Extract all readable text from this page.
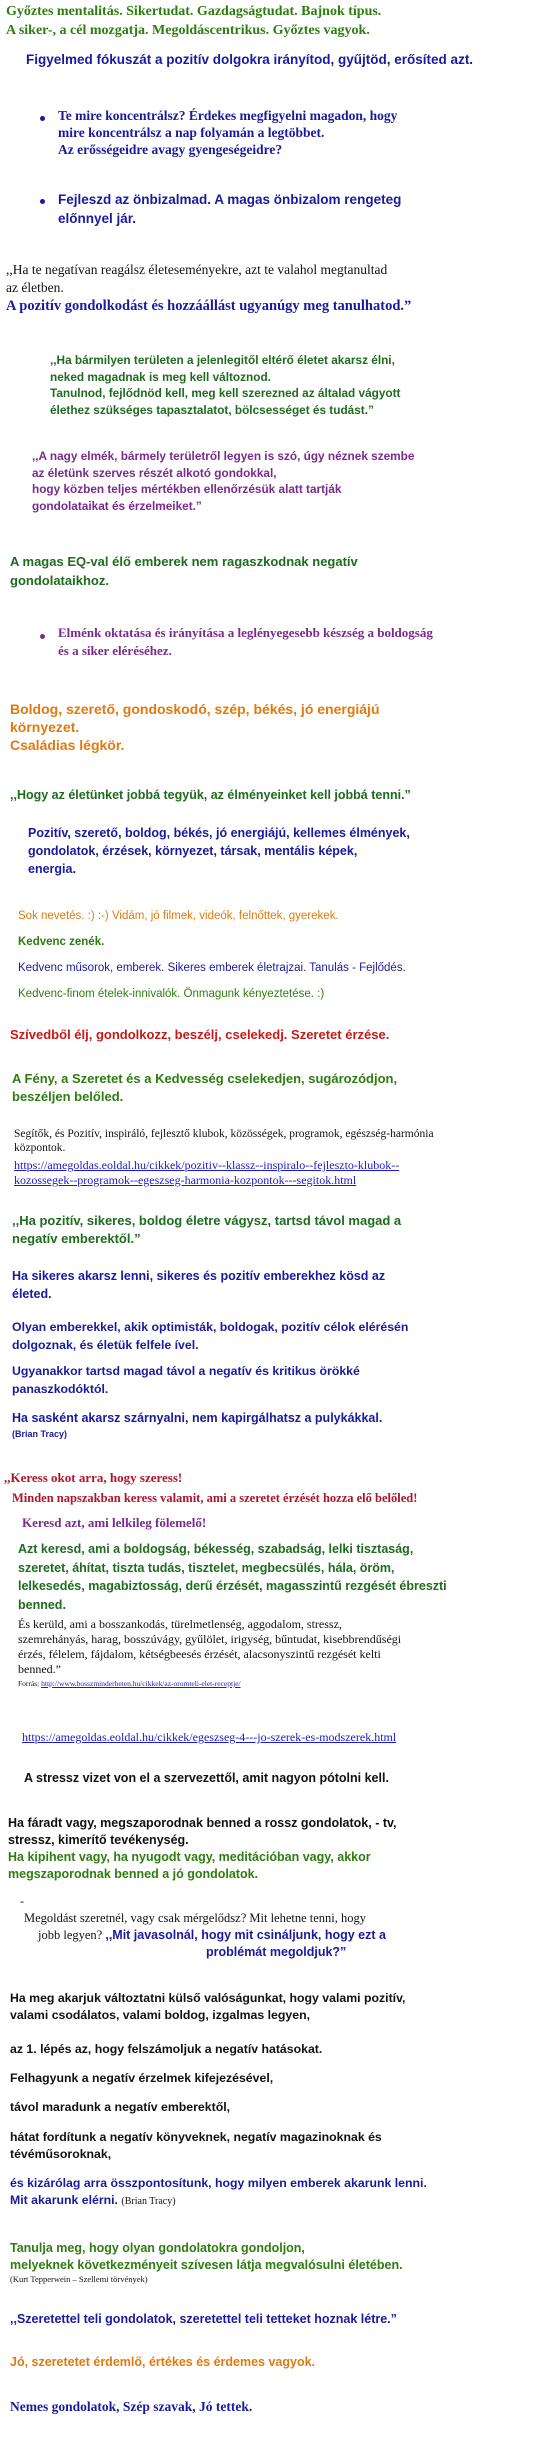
Győztes mentalitás. Sikertudat. Gazdagságtudat. Bajnok típus.
A siker-, a cél mozgatja. Megoldáscentrikus. Győztes vagyok.
Figyelmed fókuszát a pozitív dolgokra irányítod, gyűjtöd, erősíted azt.
Te mire koncentrálsz? Érdekes megfigyelni magadon, hogy
mire koncentrálsz a nap folyamán a legtöbbet.
Az erősségeidre avagy gyengeségeidre?
Fejleszd az önbizalmad. A magas önbizalom rengeteg
előnnyel jár.
,,Ha te negatívan reagálsz életeseményekre, azt te valahol megtanultad
az életben.
A pozitív gondolkodást és hozzáállást ugyanúgy meg tanulhatod.”
,,Ha bármilyen területen a jelenlegitől eltérő életet akarsz élni,
neked magadnak is meg kell változnod.
Tanulnod, fejlődnöd kell, meg kell szerezned az általad vágyott
élethez szükséges tapasztalatot, bölcsességet és tudást.”
,,A nagy elmék, bármely területről legyen is szó, úgy néznek szembe
az életünk szerves részét alkotó gondokkal,
hogy közben teljes mértékben ellenőrzésük alatt tartják
gondolataikat és érzelmeiket.”
A magas EQ-val élő emberek nem ragaszkodnak negatív
gondolataikhoz.
Elménk oktatása és irányítása a leglényegesebb készség a boldogság
és a siker eléréséhez.
Boldog, szerető, gondoskodó, szép, békés, jó energiájú
környezet.
Családias légkör.
,,Hogy az életünket jobbá tegyük, az élményeinket kell jobbá tenni.”
Pozitív, szerető, boldog, békés, jó energiájú, kellemes élmények,
gondolatok, érzések, környezet, társak, mentális képek,
energia.
Sok nevetés. :) :-) Vidám, jó filmek, videók, felnőttek, gyerekek.
Kedvenc zenék.
Kedvenc műsorok, emberek. Sikeres emberek életrajzai. Tanulás - Fejlődés.
Kedvenc-finom ételek-innivalók. Önmagunk kényeztetése. :)
Szívedből élj, gondolkozz, beszélj, cselekedj. Szeretet érzése.
A Fény, a Szeretet és a Kedvesség cselekedjen, sugározódjon,
beszéljen belőled.
Segítők, és Pozitív, inspiráló, fejlesztő klubok, közösségek, programok, egészség-harmónia
központok.
https://amegoldas.eoldal.hu/cikkek/pozitiv--klassz--inspiralo--fejleszto-klubok--
kozossegek--programok--egeszseg-harmonia-kozpontok---segitok.html
,,Ha pozitív, sikeres, boldog életre vágysz, tartsd távol magad a
negatív emberektől.”
Ha sikeres akarsz lenni, sikeres és pozitív emberekhez kösd az
életed.
Olyan emberekkel, akik optimisták, boldogak, pozitív célok elérésén
dolgoznak, és életük felfele ível.
Ugyanakkor tartsd magad távol a negatív és kritikus örökké
panaszkodóktól.
Ha sasként akarsz szárnyalni, nem kapirgálhatsz a pulykákkal.
(Brian Tracy)
,,Keress okot arra, hogy szeress!
Minden napszakban keress valamit, ami a szeretet érzését hozza elő belőled!
Keresd azt, ami lelkileg fölemelő!
Azt keresd, ami a boldogság, békesség, szabadság, lelki tisztaság,
szeretet, áhítat, tiszta tudás, tisztelet, megbecsülés, hála, öröm,
lelkesedés, magabiztosság, derű érzését, magasszintű rezgését ébreszti
benned.
És kerüld, ami a bosszankodás, türelmetlenség, aggodalom, stressz,
szemrehányás, harag, bosszúvágy, gyűlölet, irigység, bűntudat, kisebbrendűségi
érzés, félelem, fájdalom, kétségbeesés érzését, alacsonyszintű rezgését kelti
benned.”
Forrás: http://www.bosszminderheten.hu/cikkek/az-oromteli-elet-receptje/
https://amegoldas.eoldal.hu/cikkek/egeszseg-4---jo-szerek-es-modszerek.html
A stressz vizet von el a szervezettől, amit nagyon pótolni kell.
Ha fáradt vagy, megszaporodnak benned a rossz gondolatok, - tv,
stressz, kimerítő tevékenység.
Ha kipihent vagy, ha nyugodt vagy, meditációban vagy, akkor
megszaporodnak benned a jó gondolatok.
-
Megoldást szeretnél, vagy csak mérgelődsz? Mit lehetne tenni, hogy
jobb legyen? ,,Mit javasolnál, hogy mit csináljunk, hogy ezt a
problémát megoldjuk?”
Ha meg akarjuk változtatni külső valóságunkat, hogy valami pozitív,
valami csodálatos, valami boldog, izgalmas legyen,
az 1. lépés az, hogy felszámoljuk a negatív hatásokat.
Felhagyunk a negatív érzelmek kifejezésével,
távol maradunk a negatív emberektől,
hátat fordítunk a negatív könyveknek, negatív magazinoknak és
tévéműsoroknak,
és kizárólag arra összpontosítunk, hogy milyen emberek akarunk lenni.
Mit akarunk elérni. (Brian Tracy)
Tanulja meg, hogy olyan gondolatokra gondoljon,
melyeknek következményeit szívesen látja megvalósulni életében.
(Kurt Tepperwein – Szellemi törvények)
,,Szeretettel teli gondolatok, szeretettel teli tetteket hoznak létre.”
Jó, szeretetet érdemlő, értékes és érdemes vagyok.
Nemes gondolatok, Szép szavak, Jó tettek.
